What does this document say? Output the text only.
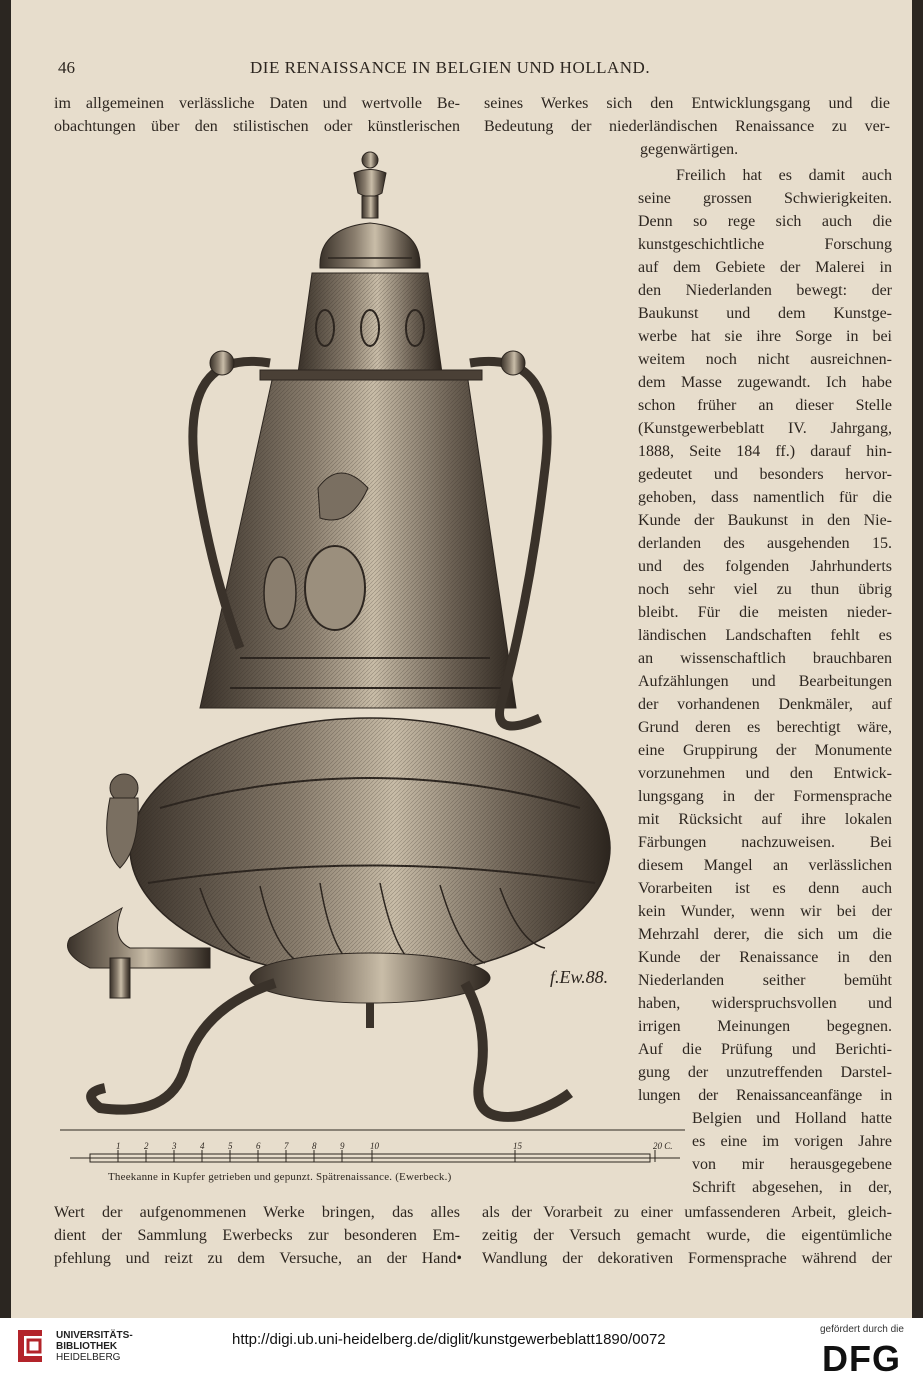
46	DIE RENAISSANCE IN BELGIEN UND HOLLAND.
im allgemeinen verlässliche Daten und wertvolle Be-
obachtungen über den stilistischen oder künstlerischen
seines Werkes sich den Entwicklungsgang und die
Bedeutung der niederländischen Renaissance zu ver-
gegenwärtigen.
Freilich hat es damit auch
seine grossen Schwierigkeiten.
Denn so rege sich auch die
kunstgeschichtliche Forschung
auf dem Gebiete der Malerei in
den Niederlanden bewegt: der
Baukunst und dem Kunstge-
werbe hat sie ihre Sorge in bei
weitem noch nicht ausreichnen-
dem Masse zugewandt. Ich habe
schon früher an dieser Stelle
(Kunstgewerbeblatt IV. Jahrgang,
1888, Seite 184 ff.) darauf hin-
gedeutet und besonders hervor-
gehoben, dass namentlich für die
Kunde der Baukunst in den Nie-
derlanden des ausgehenden 15.
und des folgenden Jahrhunderts
noch sehr viel zu thun übrig
bleibt. Für die meisten nieder-
ländischen Landschaften fehlt es
an wissenschaftlich brauchbaren
Aufzählungen und Bearbeitungen
der vorhandenen Denkmäler, auf
Grund deren es berechtigt wäre,
eine Gruppirung der Monumente
vorzunehmen und den Entwick-
lungsgang in der Formensprache
mit Rücksicht auf ihre lokalen
Färbungen nachzuweisen. Bei
diesem Mangel an verlässlichen
Vorarbeiten ist es denn auch
kein Wunder, wenn wir bei der
Mehrzahl derer, die sich um die
Kunde der Renaissance in den
Niederlanden seither bemüht
haben, widerspruchsvollen und
irrigen Meinungen begegnen.
Auf die Prüfung und Berichti-
gung der unzutreffenden Darstel-
lungen der Renaissanceanfänge in
Belgien und Holland hatte
es eine im vorigen Jahre
von mir herausgegebene
Schrift abgesehen, in der,
f.Ew.88.
1	2	3	4	5	6	7	8	9	10	15	20 C.
Theekanne in Kupfer getrieben und gepunzt. Spätrenaissance. (Ewerbeck.)
Wert der aufgenommenen Werke bringen, das alles
dient der Sammlung Ewerbecks zur besonderen Em-
pfehlung und reizt zu dem Versuche, an der Hand•
als der Vorarbeit zu einer umfassenderen Arbeit, gleich-
zeitig der Versuch gemacht wurde, die eigentümliche
Wandlung der dekorativen Formensprache während der
UNIVERSITÄTS-
BIBLIOTHEK
HEIDELBERG
http://digi.ub.uni-heidelberg.de/diglit/kunstgewerbeblatt1890/0072
gefördert durch die
DFG
